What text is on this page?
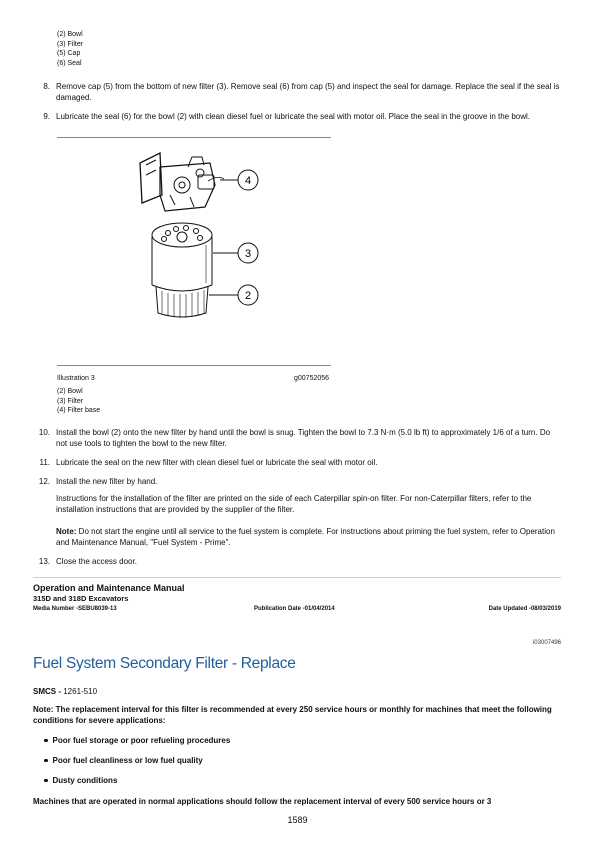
(2) Bowl
(3) Filter
(5) Cap
(6) Seal
8. Remove cap (5) from the bottom of new filter (3). Remove seal (6) from cap (5) and inspect the seal for damage. Replace the seal if the seal is damaged.
9. Lubricate the seal (6) for the bowl (2) with clean diesel fuel or lubricate the seal with motor oil. Place the seal in the groove in the bowl.
4
3
2
Illustration 3	g00752056
(2) Bowl
(3) Filter
(4) Filter base
10. Install the bowl (2) onto the new filter by hand until the bowl is snug. Tighten the bowl to 7.3 N·m (5.0 lb ft) to approximately 1/6 of a turn. Do not use tools to tighten the bowl to the new filter.
11. Lubricate the seal on the new filter with clean diesel fuel or lubricate the seal with motor oil.
12. Install the new filter by hand.
Instructions for the installation of the filter are printed on the side of each Caterpillar spin-on filter. For non-Caterpillar filters, refer to the installation instructions that are provided by the supplier of the filter.
Note: Do not start the engine until all service to the fuel system is complete. For instructions about priming the fuel system, refer to Operation and Maintenance Manual, "Fuel System - Prime".
13. Close the access door.
Operation and Maintenance Manual
315D and 318D Excavators
Media Number -SEBU8039-13	Publication Date -01/04/2014	Date Updated -08/03/2019
i03007496
Fuel System Secondary Filter - Replace
SMCS - 1261-510
Note: The replacement interval for this filter is recommended at every 250 service hours or monthly for machines that meet the following conditions for severe applications:
Poor fuel storage or poor refueling procedures
Poor fuel cleanliness or low fuel quality
Dusty conditions
Machines that are operated in normal applications should follow the replacement interval of every 500 service hours or 3
1589
